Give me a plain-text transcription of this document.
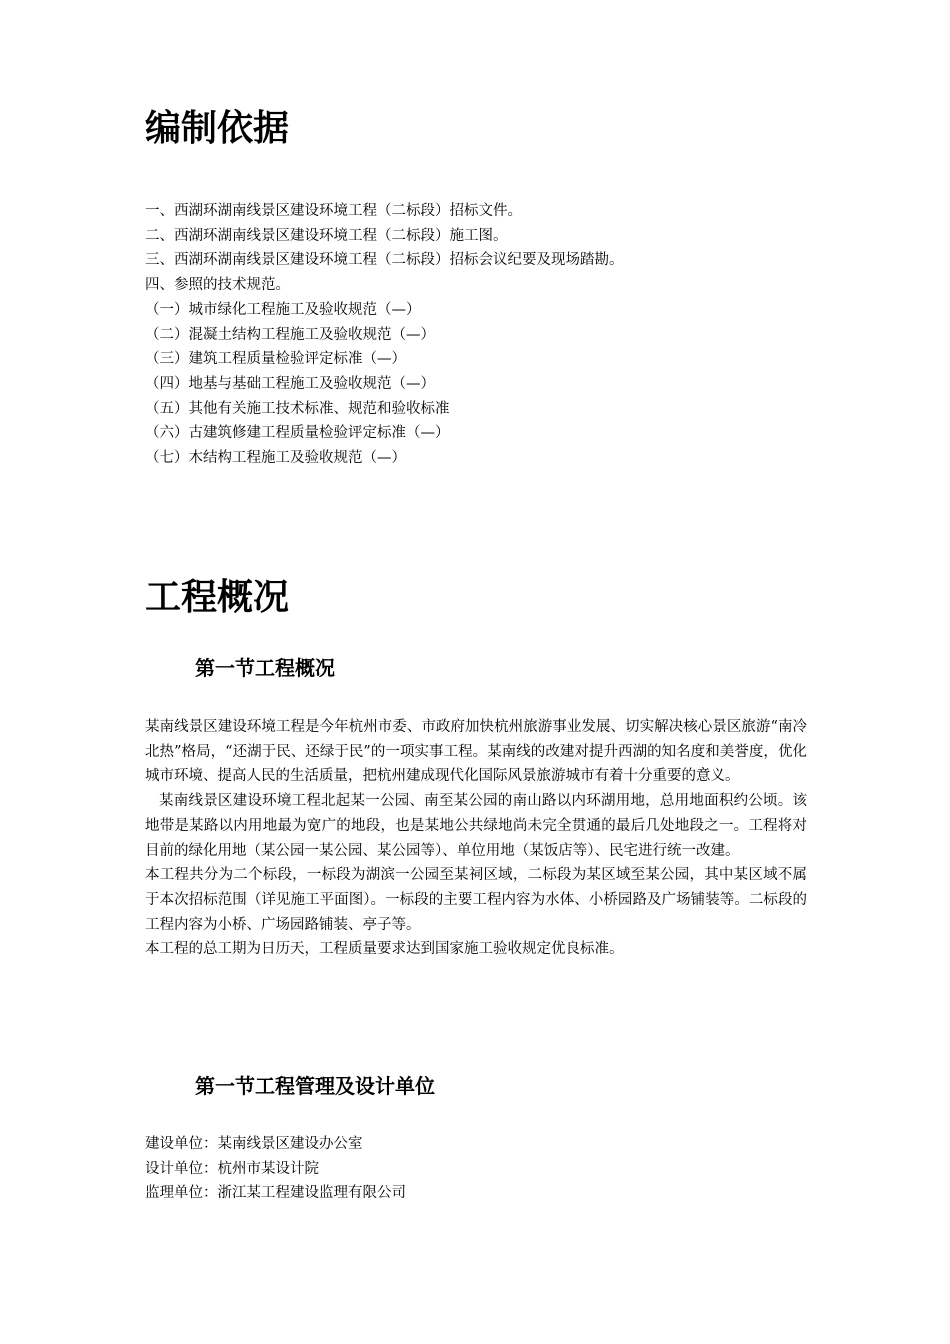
编制依据
一、西湖环湖南线景区建设环境工程（二标段）招标文件。
二、西湖环湖南线景区建设环境工程（二标段）施工图。
三、西湖环湖南线景区建设环境工程（二标段）招标会议纪要及现场踏勘。
四、参照的技术规范。
（一）城市绿化工程施工及验收规范（—）
（二）混凝土结构工程施工及验收规范（—）
（三）建筑工程质量检验评定标准（—）
（四）地基与基础工程施工及验收规范（—）
（五）其他有关施工技术标准、规范和验收标准
（六）古建筑修建工程质量检验评定标准（—）
（七）木结构工程施工及验收规范（—）
工程概况
第一节工程概况

某南线景区建设环境工程是今年杭州市委、市政府加快杭州旅游事业发展、切实解决核心景区旅游“南冷北热”格局，“还湖于民、还绿于民”的一项实事工程。某南线的改建对提升西湖的知名度和美誉度，优化城市环境、提高人民的生活质量，把杭州建成现代化国际风景旅游城市有着十分重要的意义。

某南线景区建设环境工程北起某一公园、南至某公园的南山路以内环湖用地，总用地面积约公顷。该地带是某路以内用地最为宽广的地段，也是某地公共绿地尚未完全贯通的最后几处地段之一。工程将对目前的绿化用地（某公园一某公园、某公园等）、单位用地（某饭店等）、民宅进行统一改建。

本工程共分为二个标段，一标段为湖滨一公园至某祠区域，二标段为某区域至某公园，其中某区域不属于本次招标范围（详见施工平面图）。一标段的主要工程内容为水体、小桥园路及广场铺装等。二标段的工程内容为小桥、广场园路铺装、亭子等。

本工程的总工期为日历天，工程质量要求达到国家施工验收规定优良标准。

第一节工程管理及设计单位
建设单位：某南线景区建设办公室
设计单位：杭州市某设计院
监理单位：浙江某工程建设监理有限公司
